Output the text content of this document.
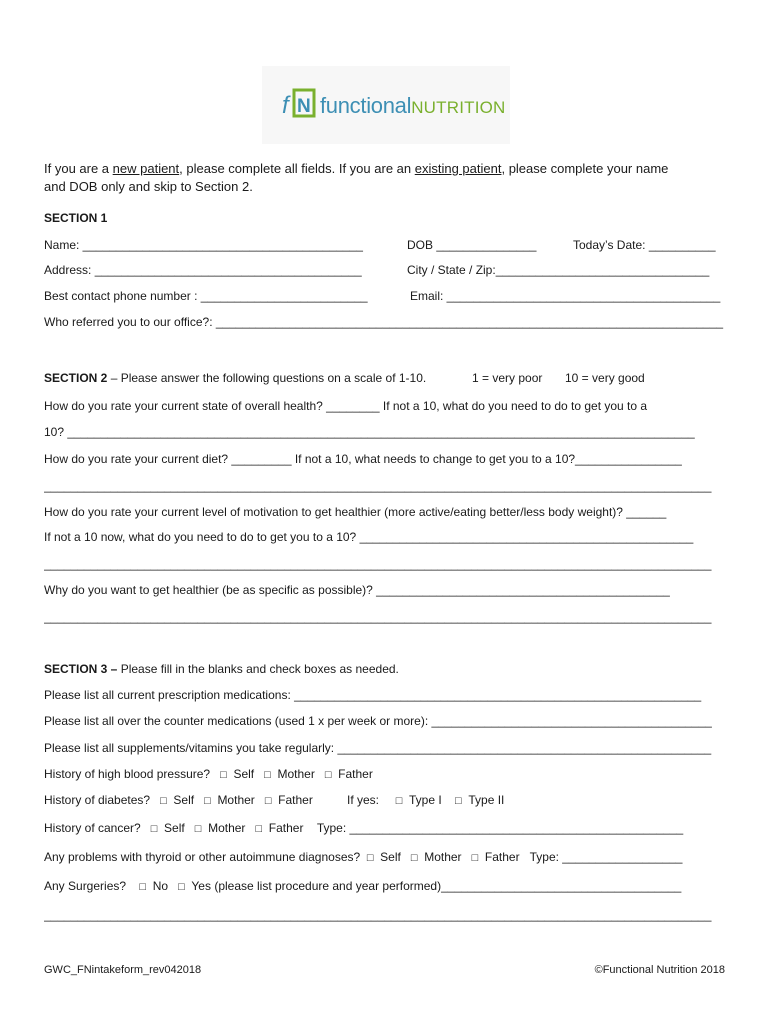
f N functionalNUTRITION
If you are a new patient, please complete all fields. If you are an existing patient, please complete your name
and DOB only and skip to Section 2.
SECTION 1
Name: __________________________________________	DOB _______________	Today’s Date: __________
Address: ________________________________________	City / State / Zip:________________________________
Best contact phone number : _________________________	Email: _________________________________________
Who referred you to our office?: ____________________________________________________________________________
SECTION 2 – Please answer the following questions on a scale of 1-10.	1 = very poor 10 = very good
How do you rate your current state of overall health? ________ If not a 10, what do you need to do to get you to a
10? ______________________________________________________________________________________________
How do you rate your current diet? _________ If not a 10, what needs to change to get you to a 10?________________
____________________________________________________________________________________________________
How do you rate your current level of motivation to get healthier (more active/eating better/less body weight)? ______
If not a 10 now, what do you need to do to get you to a 10? __________________________________________________
____________________________________________________________________________________________________
Why do you want to get healthier (be as specific as possible)? ____________________________________________
____________________________________________________________________________________________________
SECTION 3 – Please fill in the blanks and check boxes as needed.
Please list all current prescription medications: _____________________________________________________________
Please list all over the counter medications (used 1 x per week or more): __________________________________________
Please list all supplements/vitamins you take regularly: ________________________________________________________
History of high blood pressure? □ Self □ Mother □ Father
History of diabetes? □ Self □ Mother □ Father	If yes: □ Type I □ Type II
History of cancer? □ Self □ Mother □ Father Type: __________________________________________________
Any problems with thyroid or other autoimmune diagnoses? □ Self □ Mother □ Father Type: __________________
Any Surgeries? □ No □ Yes (please list procedure and year performed)____________________________________
____________________________________________________________________________________________________
GWC_FNintakeform_rev042018	©Functional Nutrition 2018
